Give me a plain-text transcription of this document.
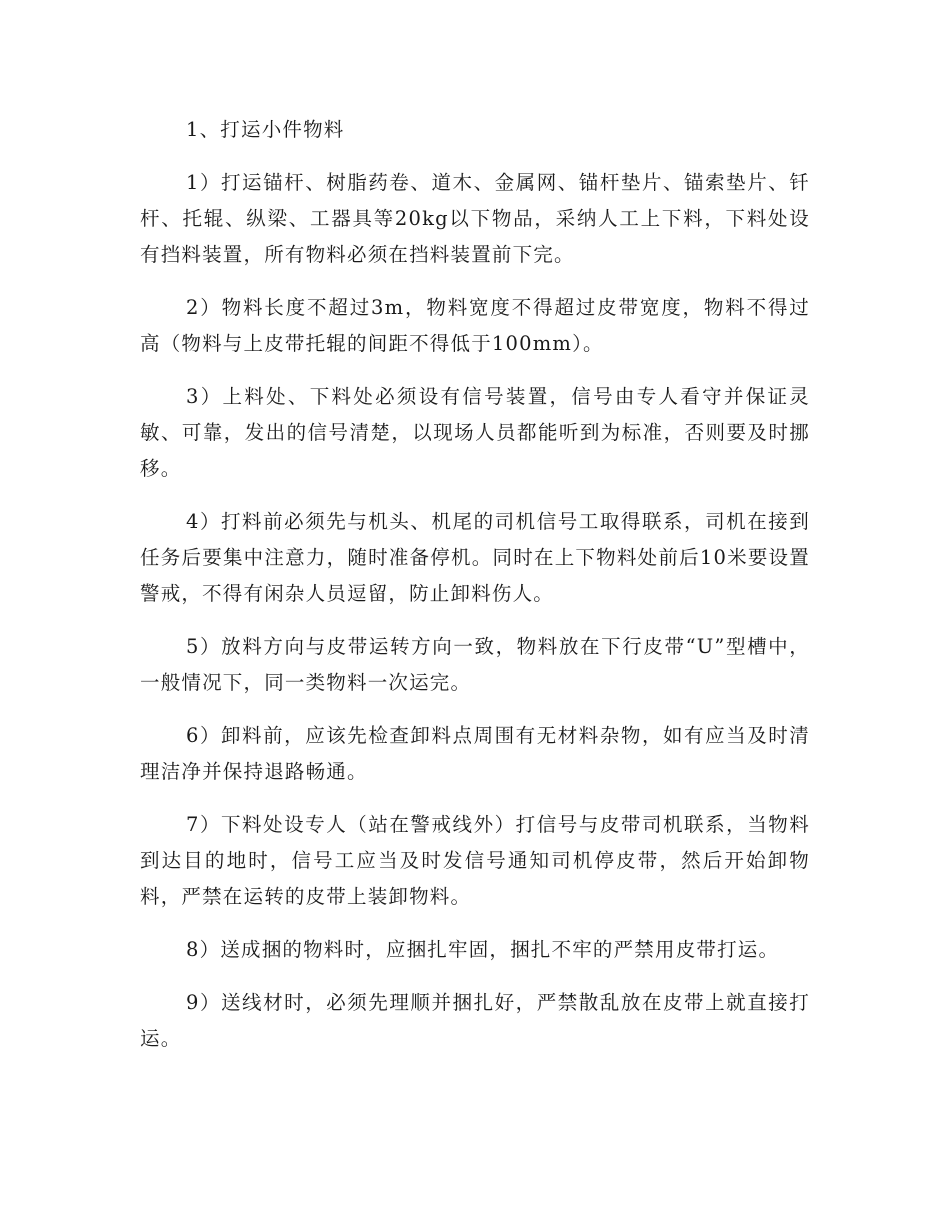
1、打运小件物料

1）打运锚杆、树脂药卷、道木、金属网、锚杆垫片、锚索垫片、钎杆、托辊、纵梁、工器具等20kg以下物品，采纳人工上下料，下料处设有挡料装置，所有物料必须在挡料装置前下完。

2）物料长度不超过3m，物料宽度不得超过皮带宽度，物料不得过高（物料与上皮带托辊的间距不得低于100mm）。

3）上料处、下料处必须设有信号装置，信号由专人看守并保证灵敏、可靠，发出的信号清楚，以现场人员都能听到为标准，否则要及时挪移。

4）打料前必须先与机头、机尾的司机信号工取得联系，司机在接到任务后要集中注意力，随时准备停机。同时在上下物料处前后10米要设置警戒，不得有闲杂人员逗留，防止卸料伤人。

5）放料方向与皮带运转方向一致，物料放在下行皮带“U”型槽中，一般情况下，同一类物料一次运完。

6）卸料前，应该先检查卸料点周围有无材料杂物，如有应当及时清理洁净并保持退路畅通。

7）下料处设专人（站在警戒线外）打信号与皮带司机联系，当物料到达目的地时，信号工应当及时发信号通知司机停皮带，然后开始卸物料，严禁在运转的皮带上装卸物料。

8）送成捆的物料时，应捆扎牢固，捆扎不牢的严禁用皮带打运。

9）送线材时，必须先理顺并捆扎好，严禁散乱放在皮带上就直接打运。
